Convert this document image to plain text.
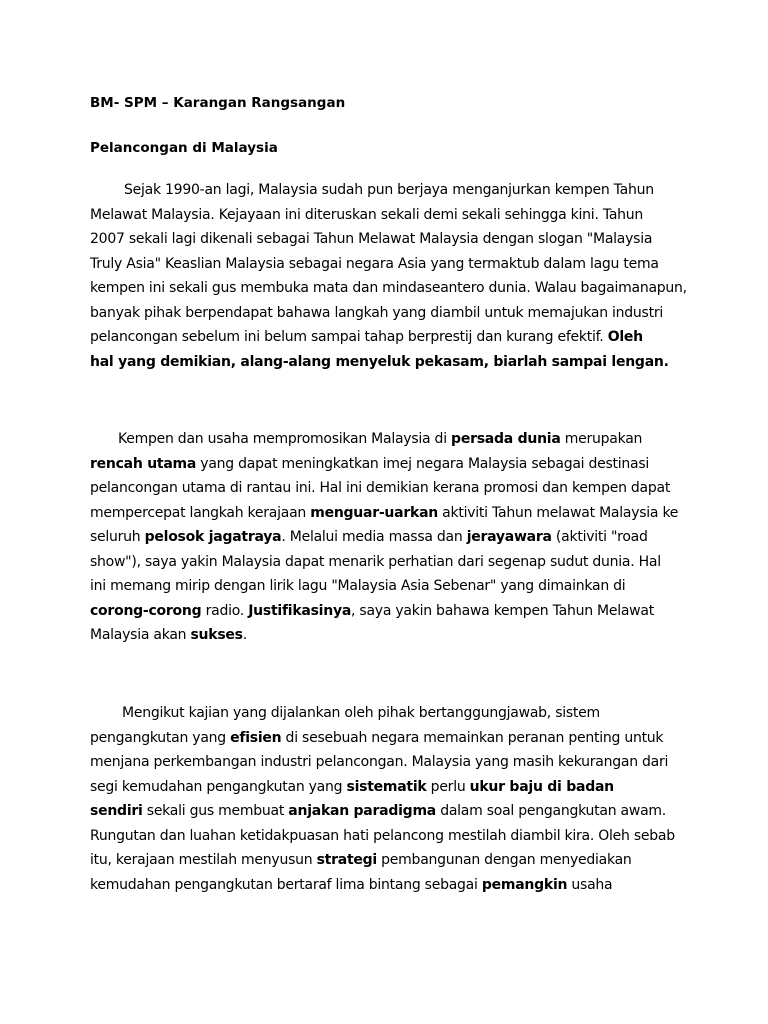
BM- SPM – Karangan Rangsangan
Pelancongan di Malaysia
Sejak 1990-an lagi, Malaysia sudah pun berjaya menganjurkan kempen Tahun
Melawat Malaysia. Kejayaan ini diteruskan sekali demi sekali sehingga kini. Tahun
2007 sekali lagi dikenali sebagai Tahun Melawat Malaysia dengan slogan "Malaysia
Truly Asia" Keaslian Malaysia sebagai negara Asia yang termaktub dalam lagu tema
kempen ini sekali gus membuka mata dan mindaseantero dunia. Walau bagaimanapun,
banyak pihak berpendapat bahawa langkah yang diambil untuk memajukan industri
pelancongan sebelum ini belum sampai tahap berprestij dan kurang efektif. Oleh
hal yang demikian, alang-alang menyeluk pekasam, biarlah sampai lengan.
Kempen dan usaha mempromosikan Malaysia di persada dunia merupakan
rencah utama yang dapat meningkatkan imej negara Malaysia sebagai destinasi
pelancongan utama di rantau ini. Hal ini demikian kerana promosi dan kempen dapat
mempercepat langkah kerajaan menguar-uarkan aktiviti Tahun melawat Malaysia ke
seluruh pelosok jagatraya. Melalui media massa dan jerayawara (aktiviti "road
show"), saya yakin Malaysia dapat menarik perhatian dari segenap sudut dunia. Hal
ini memang mirip dengan lirik lagu "Malaysia Asia Sebenar" yang dimainkan di
corong-corong radio. Justifikasinya, saya yakin bahawa kempen Tahun Melawat
Malaysia akan sukses.
Mengikut kajian yang dijalankan oleh pihak bertanggungjawab, sistem
pengangkutan yang efisien di sesebuah negara memainkan peranan penting untuk
menjana perkembangan industri pelancongan. Malaysia yang masih kekurangan dari
segi kemudahan pengangkutan yang sistematik perlu ukur baju di badan
sendiri sekali gus membuat anjakan paradigma dalam soal pengangkutan awam.
Rungutan dan luahan ketidakpuasan hati pelancong mestilah diambil kira. Oleh sebab
itu, kerajaan mestilah menyusun strategi pembangunan dengan menyediakan
kemudahan pengangkutan bertaraf lima bintang sebagai pemangkin usaha
